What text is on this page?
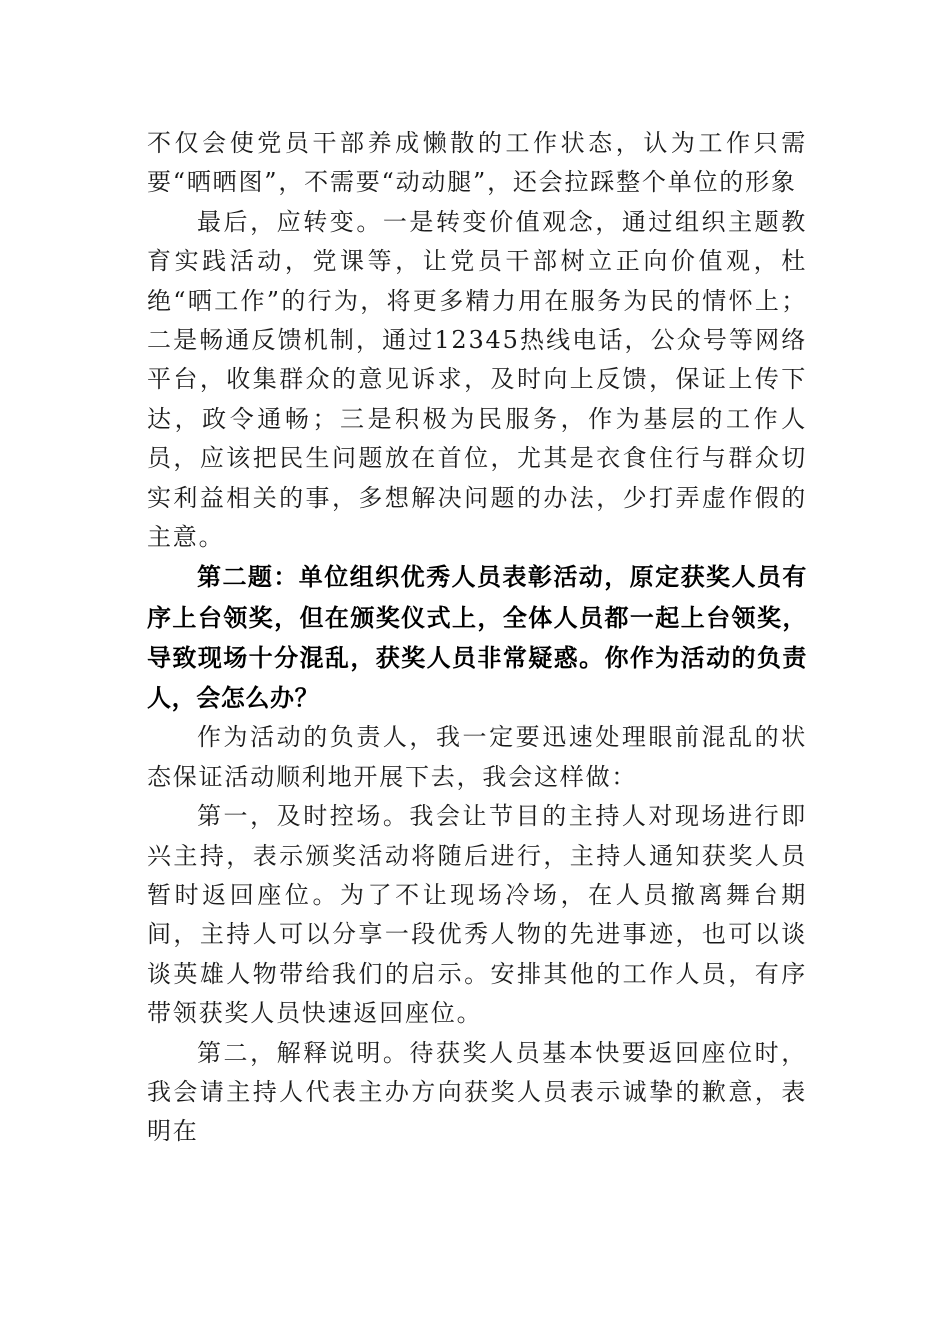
不仅会使党员干部养成懒散的工作状态，认为工作只需要“晒晒图”，不需要“动动腿”，还会拉踩整个单位的形象

最后，应转变。一是转变价值观念，通过组织主题教育实践活动，党课等，让党员干部树立正向价值观，杜绝“晒工作”的行为，将更多精力用在服务为民的情怀上；二是畅通反馈机制，通过12345热线电话，公众号等网络平台，收集群众的意见诉求，及时向上反馈，保证上传下达，政令通畅；三是积极为民服务，作为基层的工作人员，应该把民生问题放在首位，尤其是衣食住行与群众切实利益相关的事，多想解决问题的办法，少打弄虚作假的主意。

第二题：单位组织优秀人员表彰活动，原定获奖人员有序上台领奖，但在颁奖仪式上，全体人员都一起上台领奖，导致现场十分混乱，获奖人员非常疑惑。你作为活动的负责人，会怎么办？

作为活动的负责人，我一定要迅速处理眼前混乱的状态保证活动顺利地开展下去，我会这样做：

第一，及时控场。我会让节目的主持人对现场进行即兴主持，表示颁奖活动将随后进行，主持人通知获奖人员暂时返回座位。为了不让现场冷场，在人员撤离舞台期间，主持人可以分享一段优秀人物的先进事迹，也可以谈谈英雄人物带给我们的启示。安排其他的工作人员，有序带领获奖人员快速返回座位。

第二，解释说明。待获奖人员基本快要返回座位时，我会请主持人代表主办方向获奖人员表示诚挚的歉意，表明在
